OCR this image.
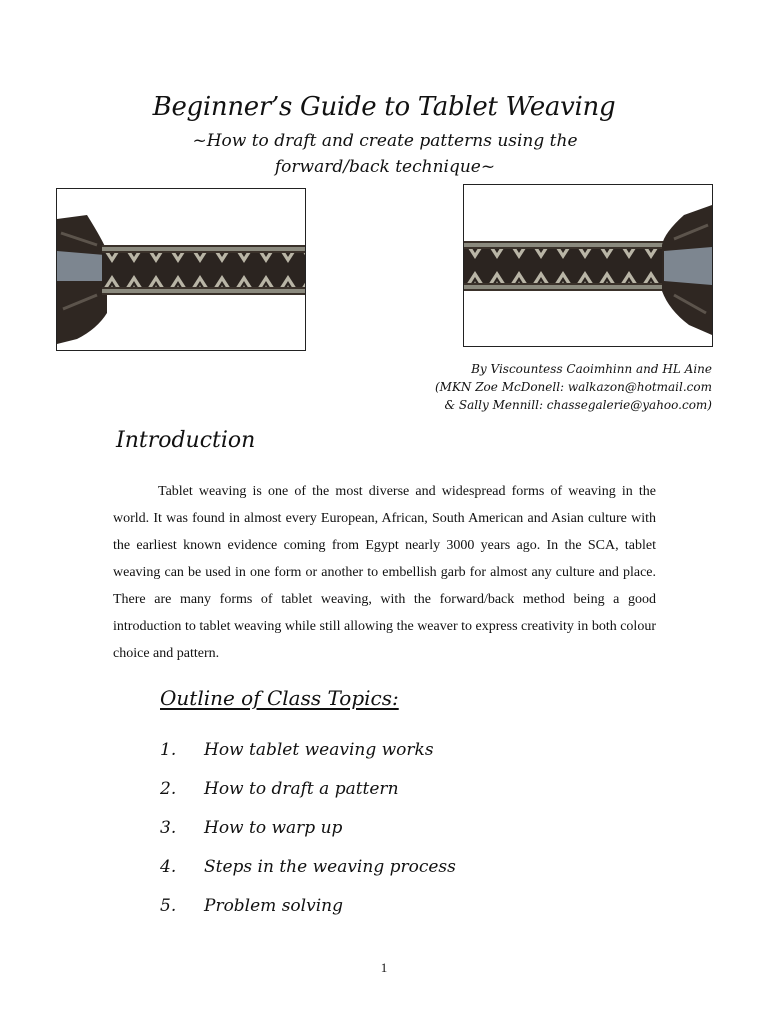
Beginner’s Guide to Tablet Weaving
~How to draft and create patterns using the forward/back technique~
By Viscountess Caoimhinn and HL Aine
(MKN Zoe McDonell: walkazon@hotmail.com
& Sally Mennill: chassegalerie@yahoo.com)
Introduction

Tablet weaving is one of the most diverse and widespread forms of weaving in the world. It was found in almost every European, African, South American and Asian culture with the earliest known evidence coming from Egypt nearly 3000 years ago. In the SCA, tablet weaving can be used in one form or another to embellish garb for almost any culture and place. There are many forms of tablet weaving, with the forward/back method being a good introduction to tablet weaving while still allowing the weaver to express creativity in both colour choice and pattern.

Outline of Class Topics:
1.	How tablet weaving works
2.	How to draft a pattern
3.	How to warp up
4.	Steps in the weaving process
5.	Problem solving
1
